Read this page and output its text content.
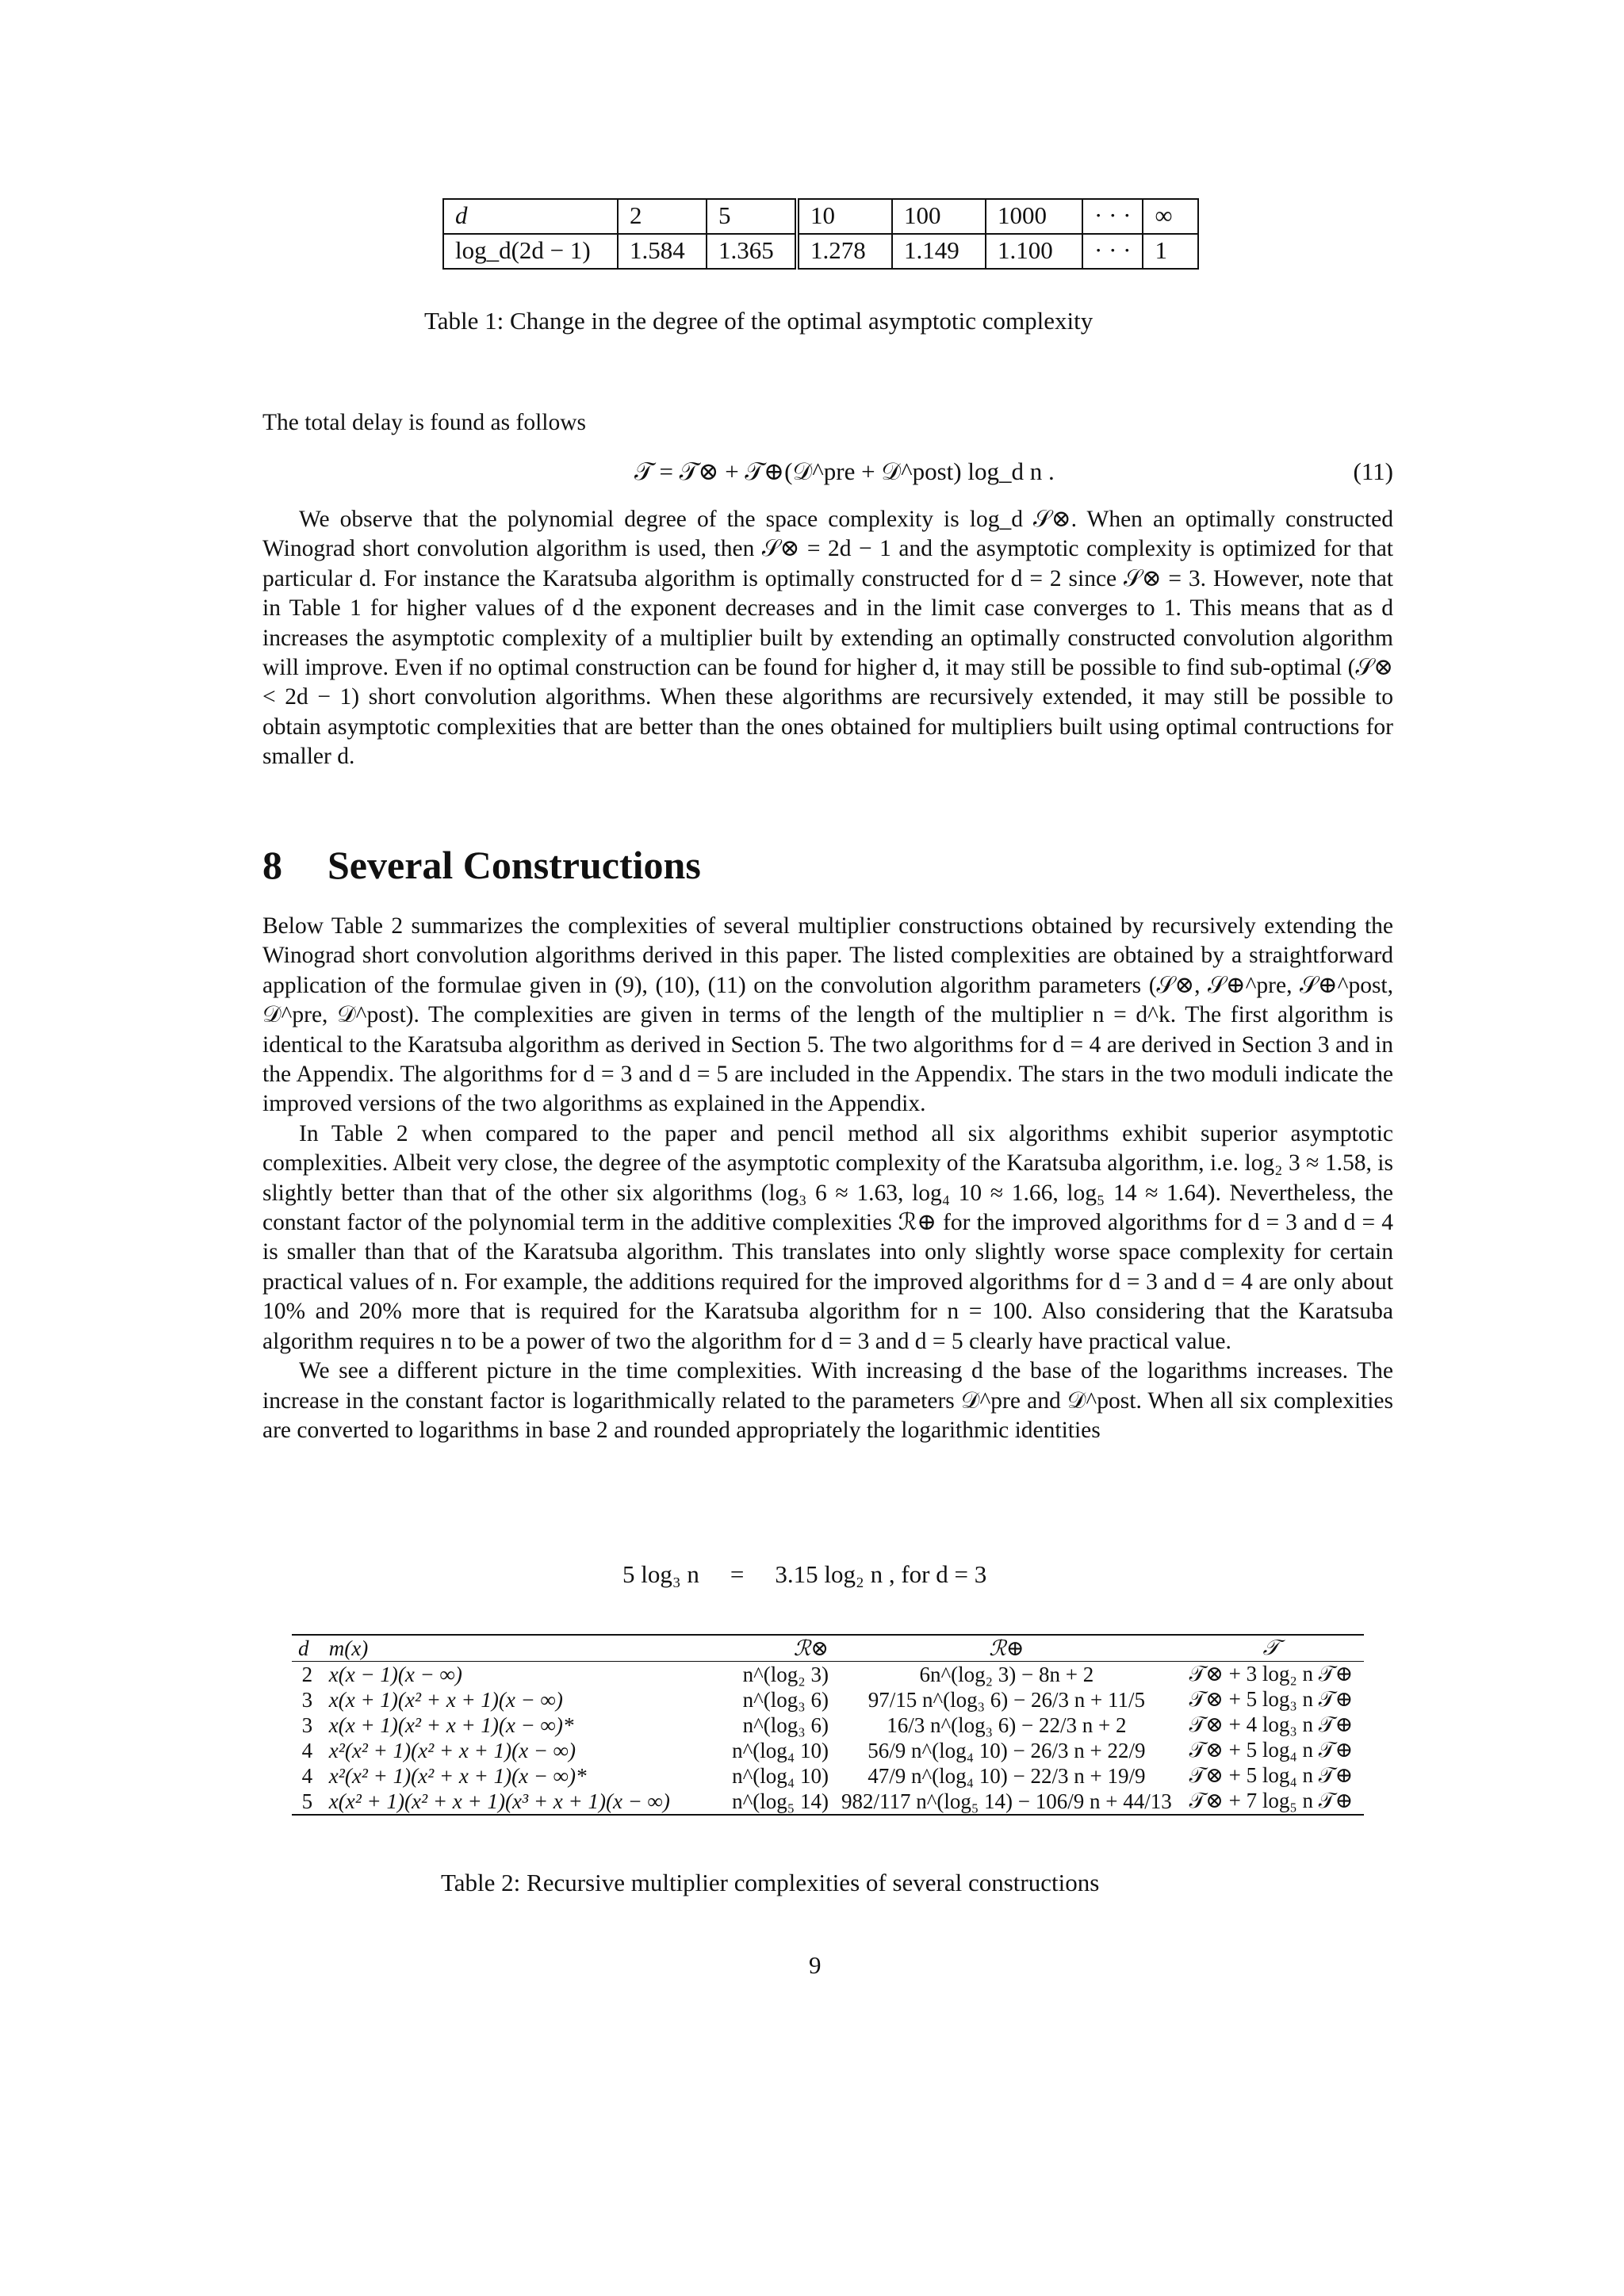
d	2	5	10	100	1000	· · ·	∞
log_d(2d − 1)	1.584	1.365	1.278	1.149	1.100	· · ·	1
Table 1: Change in the degree of the optimal asymptotic complexity

The total delay is found as follows

𝒯 = 𝒯⊗ + 𝒯⊕(𝒟^pre + 𝒟^post) log_d n .	(11)

We observe that the polynomial degree of the space complexity is log_d 𝒮⊗. When an optimally constructed Winograd short convolution algorithm is used, then 𝒮⊗ = 2d − 1 and the asymptotic complexity is optimized for that particular d. For instance the Karatsuba algorithm is optimally constructed for d = 2 since 𝒮⊗ = 3. However, note that in Table 1 for higher values of d the exponent decreases and in the limit case converges to 1. This means that as d increases the asymptotic complexity of a multiplier built by extending an optimally constructed convolution algorithm will improve. Even if no optimal construction can be found for higher d, it may still be possible to find sub-optimal (𝒮⊗ < 2d − 1) short convolution algorithms. When these algorithms are recursively extended, it may still be possible to obtain asymptotic complexities that are better than the ones obtained for multipliers built using optimal contructions for smaller d.

8 Several Constructions

Below Table 2 summarizes the complexities of several multiplier constructions obtained by recursively extending the Winograd short convolution algorithms derived in this paper. The listed complexities are obtained by a straightforward application of the formulae given in (9), (10), (11) on the convolution algorithm parameters (𝒮⊗, 𝒮⊕^pre, 𝒮⊕^post, 𝒟^pre, 𝒟^post). The complexities are given in terms of the length of the multiplier n = d^k. The first algorithm is identical to the Karatsuba algorithm as derived in Section 5. The two algorithms for d = 4 are derived in Section 3 and in the Appendix. The algorithms for d = 3 and d = 5 are included in the Appendix. The stars in the two moduli indicate the improved versions of the two algorithms as explained in the Appendix.

In Table 2 when compared to the paper and pencil method all six algorithms exhibit superior asymptotic complexities. Albeit very close, the degree of the asymptotic complexity of the Karatsuba algorithm, i.e. log₂ 3 ≈ 1.58, is slightly better than that of the other six algorithms (log₃ 6 ≈ 1.63, log₄ 10 ≈ 1.66, log₅ 14 ≈ 1.64). Nevertheless, the constant factor of the polynomial term in the additive complexities ℛ⊕ for the improved algorithms for d = 3 and d = 4 is smaller than that of the Karatsuba algorithm. This translates into only slightly worse space complexity for certain practical values of n. For example, the additions required for the improved algorithms for d = 3 and d = 4 are only about 10% and 20% more that is required for the Karatsuba algorithm for n = 100. Also considering that the Karatsuba algorithm requires n to be a power of two the algorithm for d = 3 and d = 5 clearly have practical value.

We see a different picture in the time complexities. With increasing d the base of the logarithms increases. The increase in the constant factor is logarithmically related to the parameters 𝒟^pre and 𝒟^post. When all six complexities are converted to logarithms in base 2 and rounded appropriately the logarithmic identities

5 log₃ n = 3.15 log₂ n , for d = 3
d	m(x)	ℛ⊗	ℛ⊕	𝒯
2	x(x − 1)(x − ∞)	n^(log₂ 3)	6n^(log₂ 3) − 8n + 2	𝒯⊗ + 3 log₂ n 𝒯⊕
3	x(x + 1)(x² + x + 1)(x − ∞)	n^(log₃ 6)	97/15 n^(log₃ 6) − 26/3 n + 11/5	𝒯⊗ + 5 log₃ n 𝒯⊕
3	x(x + 1)(x² + x + 1)(x − ∞)*	n^(log₃ 6)	16/3 n^(log₃ 6) − 22/3 n + 2	𝒯⊗ + 4 log₃ n 𝒯⊕
4	x²(x² + 1)(x² + x + 1)(x − ∞)	n^(log₄ 10)	56/9 n^(log₄ 10) − 26/3 n + 22/9	𝒯⊗ + 5 log₄ n 𝒯⊕
4	x²(x² + 1)(x² + x + 1)(x − ∞)*	n^(log₄ 10)	47/9 n^(log₄ 10) − 22/3 n + 19/9	𝒯⊗ + 5 log₄ n 𝒯⊕
5	x(x² + 1)(x² + x + 1)(x³ + x + 1)(x − ∞)	n^(log₅ 14)	982/117 n^(log₅ 14) − 106/9 n + 44/13	𝒯⊗ + 7 log₅ n 𝒯⊕
Table 2: Recursive multiplier complexities of several constructions
9
